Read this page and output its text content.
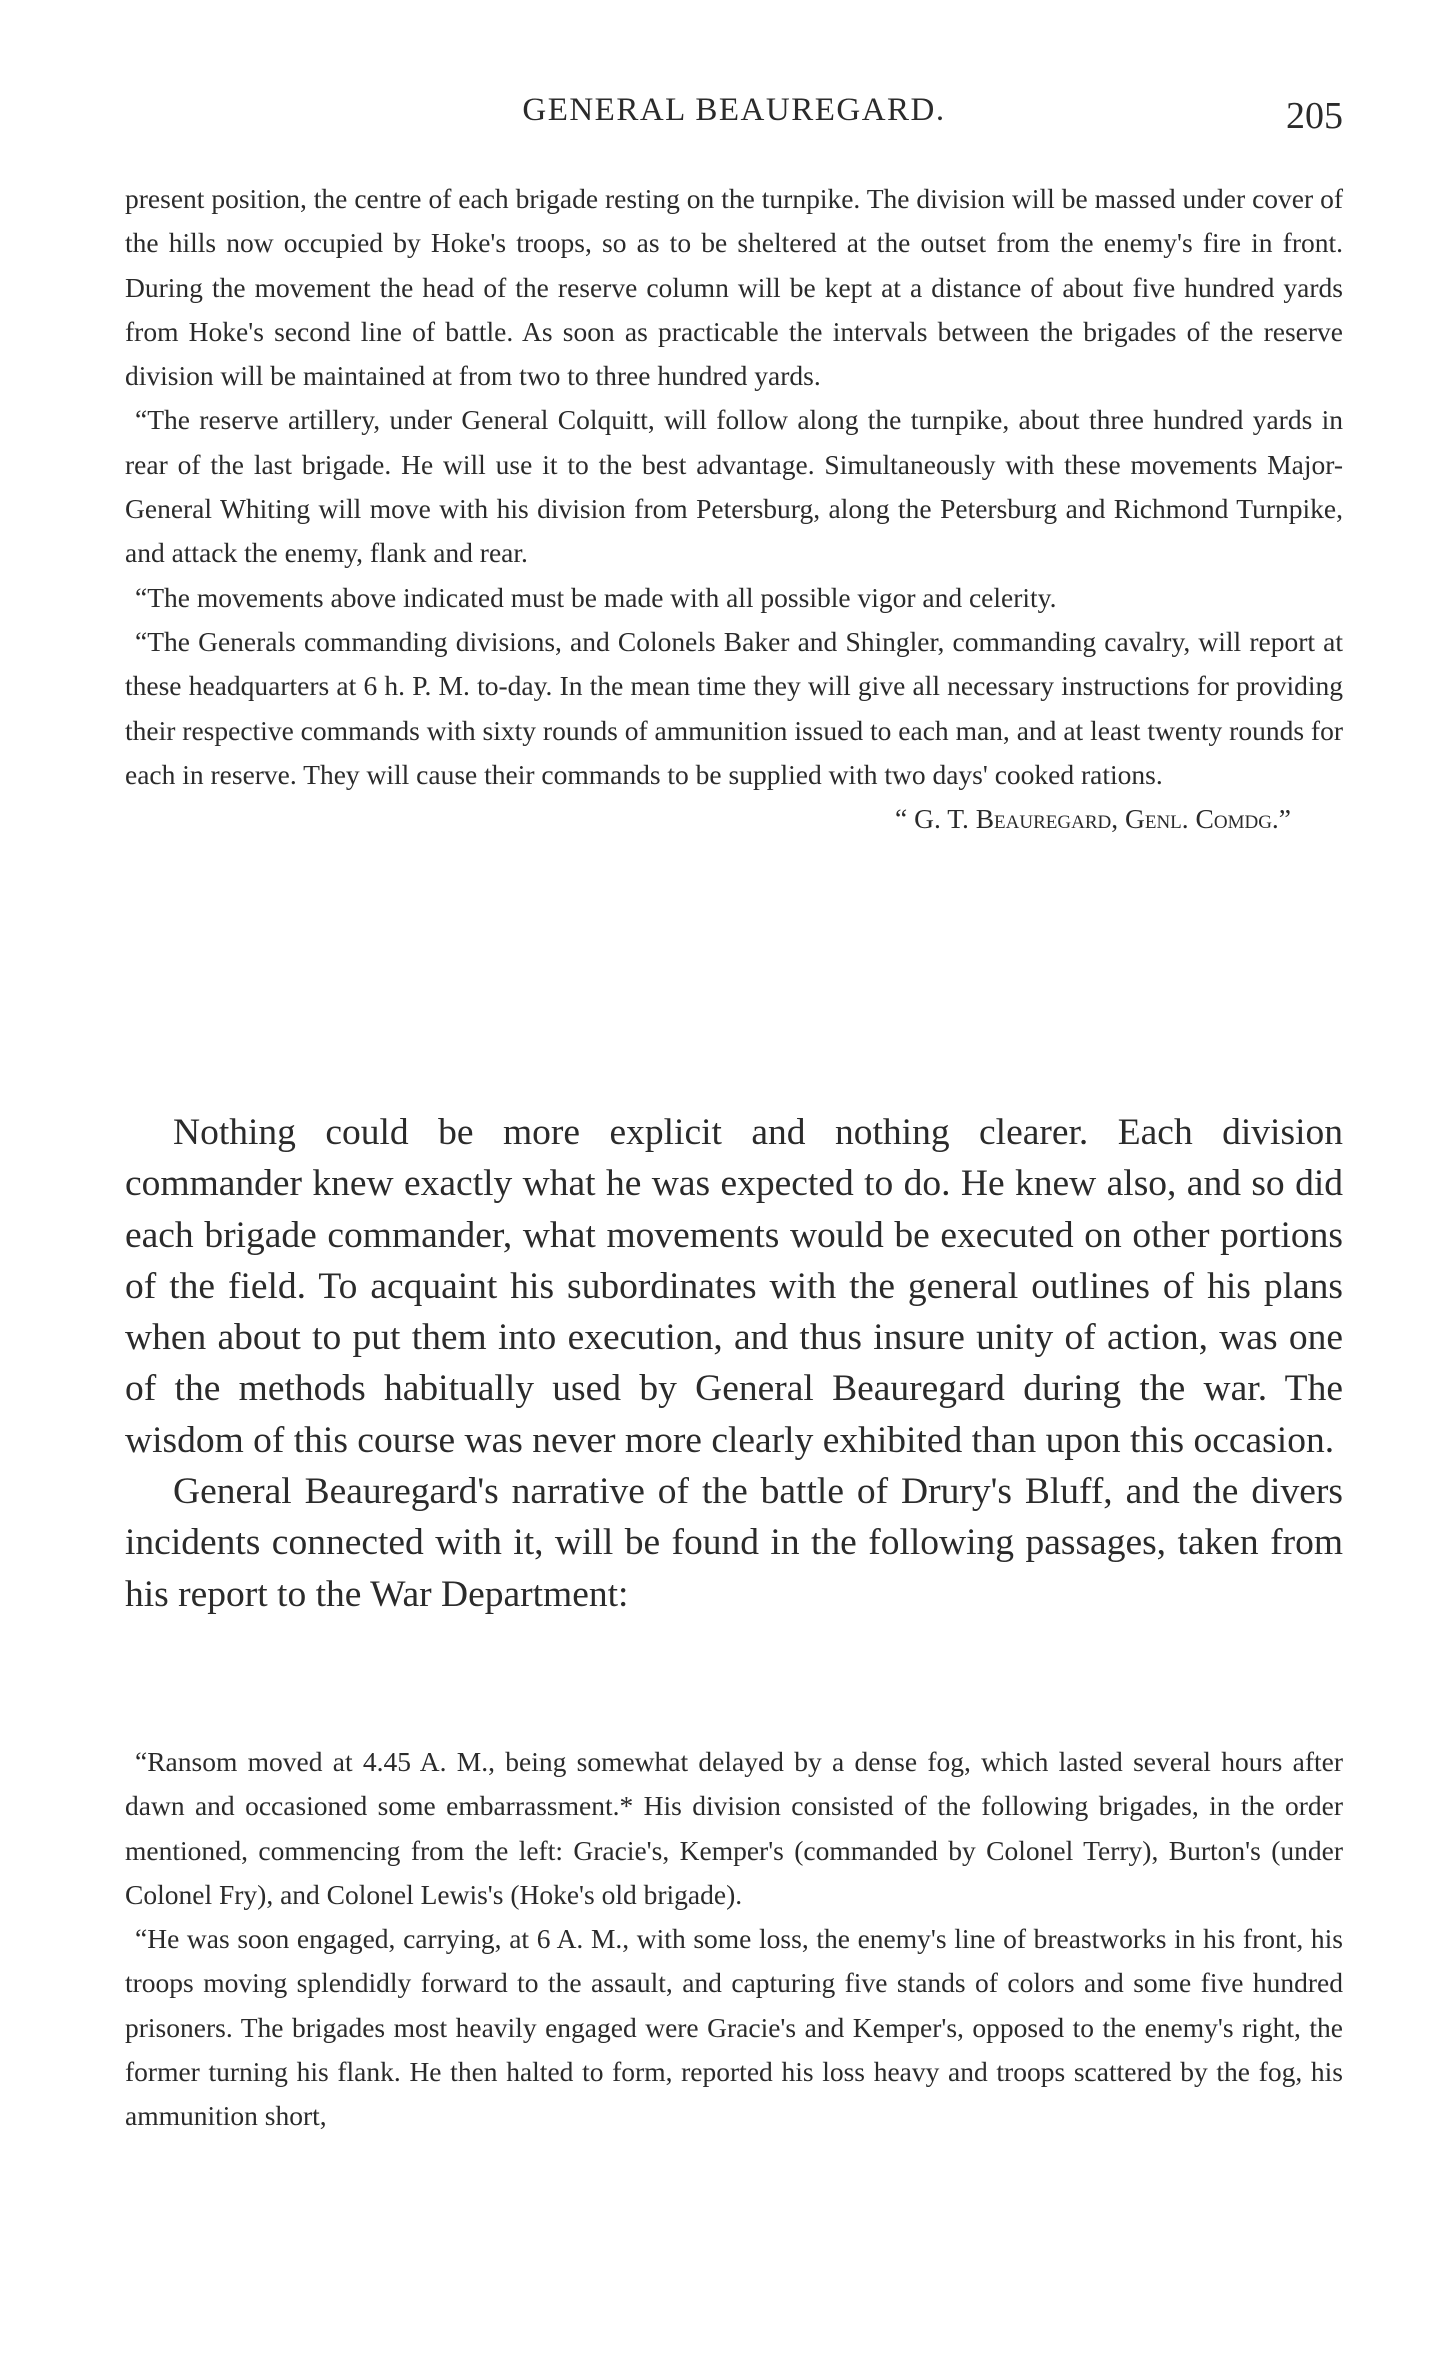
GENERAL BEAUREGARD.	205

present position, the centre of each brigade resting on the turnpike. The division will be massed under cover of the hills now occupied by Hoke's troops, so as to be sheltered at the outset from the enemy's fire in front. During the movement the head of the reserve column will be kept at a distance of about five hundred yards from Hoke's second line of battle. As soon as practicable the intervals between the brigades of the reserve division will be maintained at from two to three hundred yards.

“The reserve artillery, under General Colquitt, will follow along the turnpike, about three hundred yards in rear of the last brigade. He will use it to the best advantage. Simultaneously with these movements Major-General Whiting will move with his division from Petersburg, along the Petersburg and Richmond Turnpike, and attack the enemy, flank and rear.

“The movements above indicated must be made with all possible vigor and celerity.

“The Generals commanding divisions, and Colonels Baker and Shingler, commanding cavalry, will report at these headquarters at 6 h. P. M. to-day. In the mean time they will give all necessary instructions for providing their respective commands with sixty rounds of ammunition issued to each man, and at least twenty rounds for each in reserve. They will cause their commands to be supplied with two days' cooked rations.

“ G. T. Beauregard, Genl. Comdg.”

Nothing could be more explicit and nothing clearer. Each division commander knew exactly what he was expected to do. He knew also, and so did each brigade commander, what movements would be executed on other portions of the field. To acquaint his subordinates with the general outlines of his plans when about to put them into execution, and thus insure unity of action, was one of the methods habitually used by General Beauregard during the war. The wisdom of this course was never more clearly exhibited than upon this occasion.

General Beauregard's narrative of the battle of Drury's Bluff, and the divers incidents connected with it, will be found in the following passages, taken from his report to the War Department:

“Ransom moved at 4.45 A. M., being somewhat delayed by a dense fog, which lasted several hours after dawn and occasioned some embarrassment.* His division consisted of the following brigades, in the order mentioned, commencing from the left: Gracie's, Kemper's (commanded by Colonel Terry), Burton's (under Colonel Fry), and Colonel Lewis's (Hoke's old brigade).

“He was soon engaged, carrying, at 6 A. M., with some loss, the enemy's line of breastworks in his front, his troops moving splendidly forward to the assault, and capturing five stands of colors and some five hundred prisoners. The brigades most heavily engaged were Gracie's and Kemper's, opposed to the enemy's right, the former turning his flank. He then halted to form, reported his loss heavy and troops scattered by the fog, his ammunition short,
